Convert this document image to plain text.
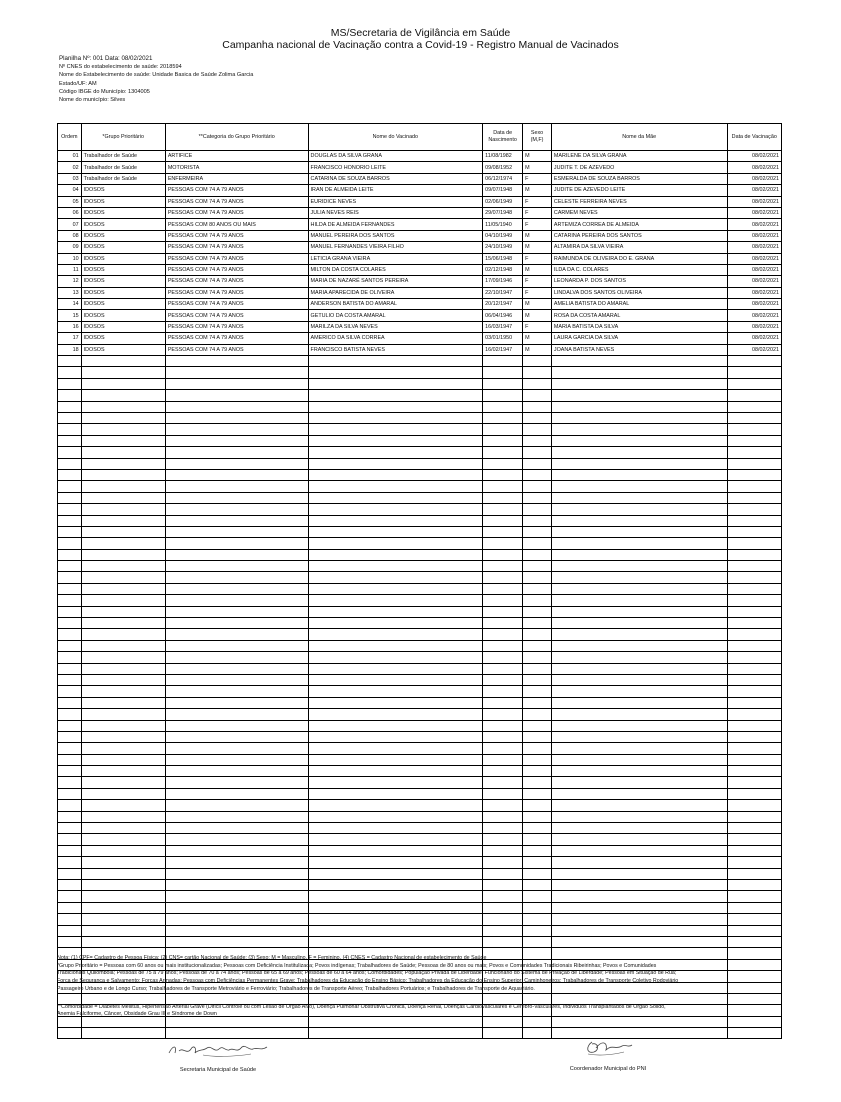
MS/Secretaria de Vigilância em Saúde
Campanha nacional de Vacinação contra a Covid-19 - Registro Manual de Vacinados
Planilha Nº: 001 Data: 08/02/2021
Nº CNES do estabelecimento de saúde: 2018594
Nome do Estabelecimento de saúde: Unidade Basica de Saúde Zolima Garcia
Estado/UF: AM
Código IBGE do Município: 1304005
Nome do município: Silves
Ordem	*Grupo Prioritário	**Categoria do Grupo Prioritário	Nome do Vacinado	Data de Nascimento	Sexo (M,F)	Nome da Mãe	Data de Vacinação
01	Trabalhador de Saúde	ARTIFICE	DOUGLAS DA SILVA GRANA	11/08/1982	M	MARILENE DA SILVA GRANA	08/02/2021
02	Trabalhador de Saúde	MOTORISTA	FRANCISCO HONORIO LEITE	09/08/1952	M	JUDITE T. DE AZEVEDO	08/02/2021
03	Trabalhador de Saúde	ENFERMEIRA	CATARINA DE SOUZA BARROS	06/12/1974	F	ESMERALDA DE SOUZA BARROS	08/02/2021
04	IDOSOS	PESSOAS COM 74 A 79 ANOS	IRAN DE ALMEIDA LEITE	09/07/1948	M	JUDITE DE AZEVEDO LEITE	08/02/2021
05	IDOSOS	PESSOAS COM 74 A 79 ANOS	EURIDICE NEVES	02/06/1949	F	CELESTE FERREIRA NEVES	08/02/2021
06	IDOSOS	PESSOAS COM 74 A 79 ANOS	JULIA NEVES REIS	29/07/1948	F	CARMEM NEVES	08/02/2021
07	IDOSOS	PESSOAS COM 80 ANOS OU MAIS	HILDA DE ALMEIDA FERNANDES	11/05/1940	F	ARTEMIZA CORREA DE ALMEIDA	08/02/2021
08	IDOSOS	PESSOAS COM 74 A 79 ANOS	MANUEL PEREIRA DOS SANTOS	04/10/1949	M	CATARINA PEREIRA DOS SANTOS	08/02/2021
09	IDOSOS	PESSOAS COM 74 A 79 ANOS	MANUEL FERNANDES VIEIRA FILHO	24/10/1949	M	ALTAMIRA DA SILVA VIEIRA	08/02/2021
10	IDOSOS	PESSOAS COM 74 A 79 ANOS	LETICIA GRANA VIEIRA	15/06/1948	F	RAIMUNDA DE OLIVEIRA DO E. GRANA	08/02/2021
11	IDOSOS	PESSOAS COM 74 A 79 ANOS	MILTON DA COSTA COLARES	02/12/1948	M	ILDA DA C. COLARES	08/02/2021
12	IDOSOS	PESSOAS COM 74 A 79 ANOS	MARIA DE NAZARÉ SANTOS PEREIRA	17/09/1946	F	LEONARDA P. DOS SANTOS	08/02/2021
13	IDOSOS	PESSOAS COM 74 A 79 ANOS	MARIA APARECIDA DE OLIVEIRA	22/10/1947	F	LINDALVA DOS SANTOS OLIVEIRA	08/02/2021
14	IDOSOS	PESSOAS COM 74 A 79 ANOS	ANDERSON BATISTA DO AMARAL	20/12/1947	M	AMELIA BATISTA DO AMARAL	08/02/2021
15	IDOSOS	PESSOAS COM 74 A 79 ANOS	GETULIO DA COSTA AMARAL	06/04/1946	M	ROSA DA COSTA AMARAL	08/02/2021
16	IDOSOS	PESSOAS COM 74 A 79 ANOS	MARILZA DA SILVA NEVES	16/03/1947	F	MARIA BATISTA DA SILVA	08/02/2021
17	IDOSOS	PESSOAS COM 74 A 79 ANOS	AMERICO DA SILVA CORREA	03/01/1950	M	LAURA GARCIA DA SILVA	08/02/2021
18	IDOSOS	PESSOAS COM 74 A 79 ANOS	FRANCISCO BATISTA NEVES	16/02/1947	M	JOANA BATISTA NEVES	08/02/2021

Nota: (1) CPF= Cadastro de Pessoa Física; (2) CNS= cartão Nacional de Saúde; (3) Sexo: M = Masculino, F = Feminino, (4) CNES = Cadastro Nacional de estabelecimento de Saúde
*Grupo Prioritário = Pessoas com 60 anos ou mais institucionalizadas; Pessoas com Deficiência Institulizada; Povos indígenas; Trabalhadores de Saúde; Pessoas de 80 anos ou mais; Povos e Comunidades Tradicionais Ribeirinhas; Povos e Comunidades
Tradicionais Quilombola; Pessoas de 75 a 79 anos; Pessoas de 70 a 74 anos; Pessoas de 65 a 69 anos; Pessoas de 60 a 64 anos; Comorbidades; População Privada de Liberdade; Funcionário do Sistema de Privação de Liberdade; Pessoas em Situação de Rua;
Força de Segurança e Salvamento; Forças Armadas; Pessoas com Deficiências Permanentes Grave; Trabalhadores da Educação do Ensino Básico; Trabalhadores da Educação do Ensino Superior; Caminhoneiros; Trabalhadores de Transporte Coletivo Rodoviário
Passageiro Urbano e de Longo Curso; Trabalhadores de Transporte Metroviário e Ferroviário; Trabalhadores de Transporte Aéreo; Trabalhadores Portuários; e Trabalhadores de Transporte de Aquaviário.
**Comorbidade = Diabetes Mellitus, Hipertensão Arterial Grave (Difícil Controle ou com Lesão de Orgão Alvo), Doença Pulmonar Obstrutiva Crônica, Doença Renal, Doenças Cardiovasculares e Cerebro-Vasculares, Individuos Transplantados de Orgão Sólido,
Anemia Falciforme, Câncer, Obsidade Grau III e Síndrome de Down
Secretaria Municipal de Saúde	Coordenador Municipal do PNI
